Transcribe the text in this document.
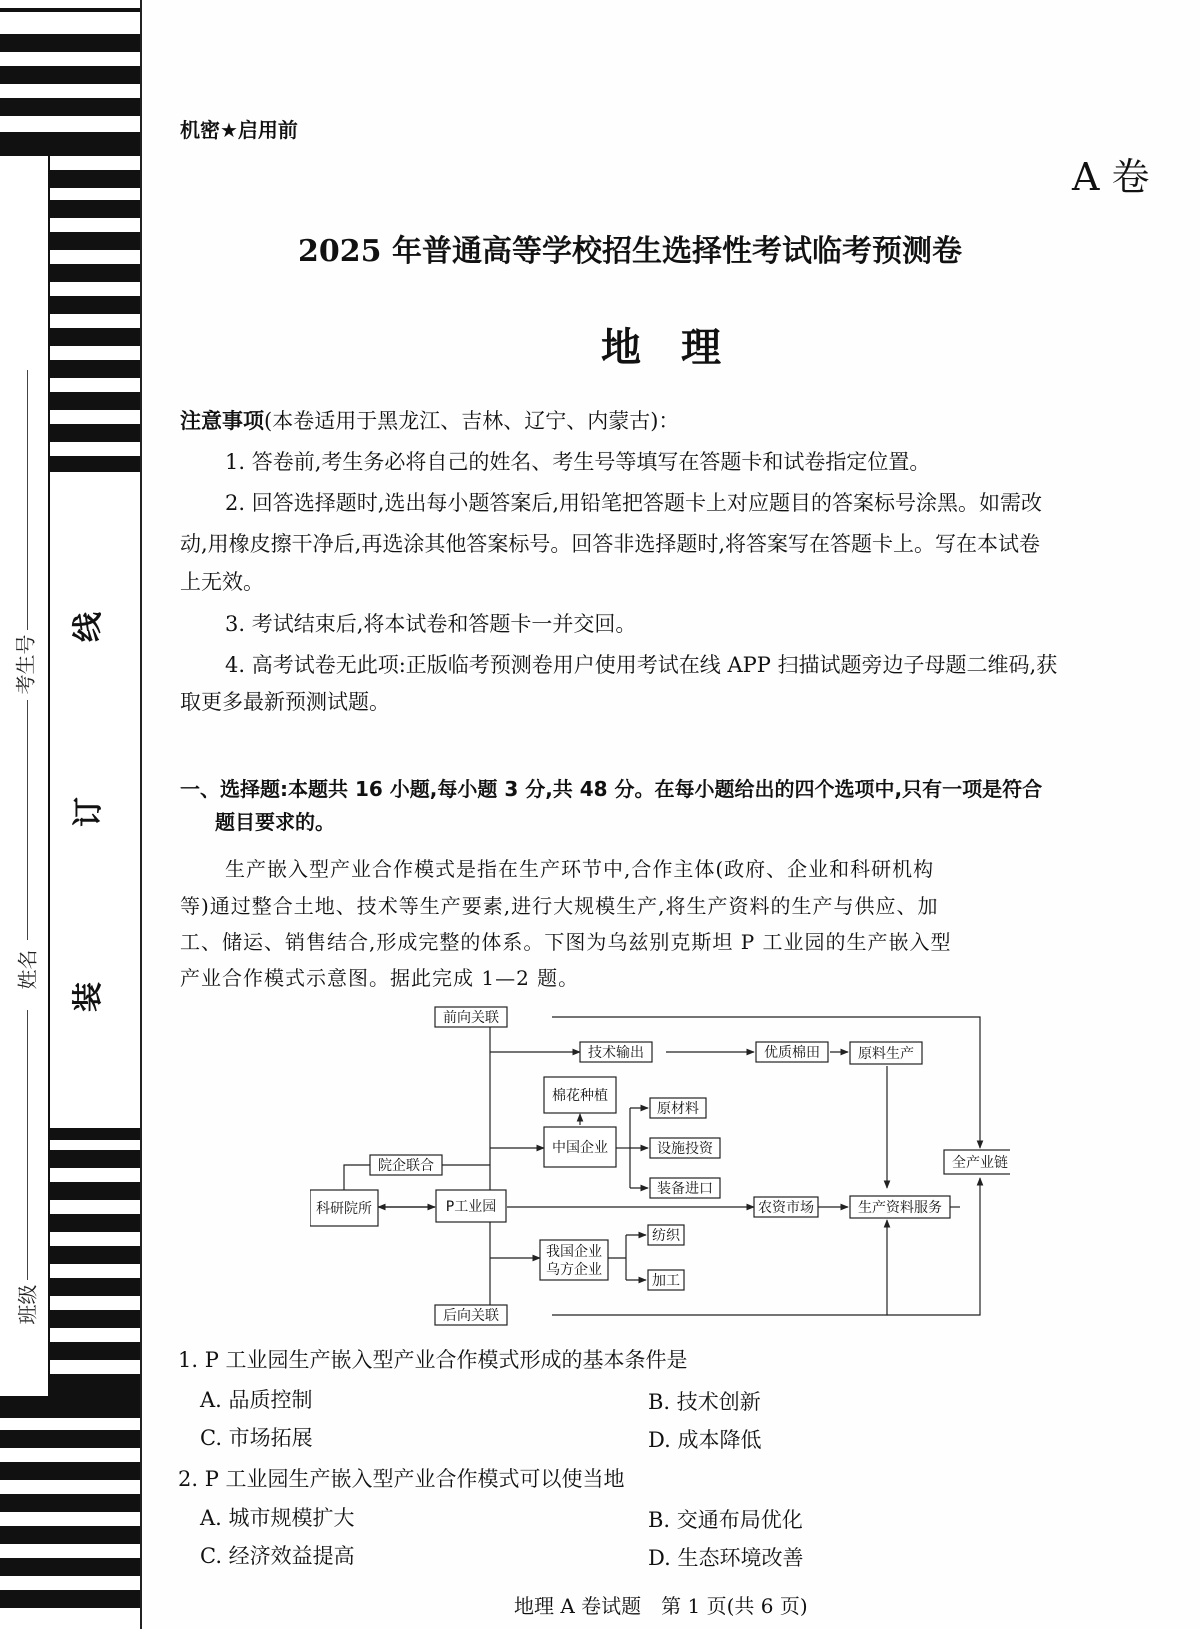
线
订
装
考生号
姓名
班级
机密★启用前
A 卷
2025 年普通高等学校招生选择性考试临考预测卷
地　理
注意事项(本卷适用于黑龙江、吉林、辽宁、内蒙古)：
1. 答卷前,考生务必将自己的姓名、考生号等填写在答题卡和试卷指定位置。
2. 回答选择题时,选出每小题答案后,用铅笔把答题卡上对应题目的答案标号涂黑。如需改
动,用橡皮擦干净后,再选涂其他答案标号。回答非选择题时,将答案写在答题卡上。写在本试卷
上无效。
3. 考试结束后,将本试卷和答题卡一并交回。
4. 高考试卷无此项:正版临考预测卷用户使用考试在线 APP 扫描试题旁边子母题二维码,获
取更多最新预测试题。
一、选择题:本题共 16 小题,每小题 3 分,共 48 分。在每小题给出的四个选项中,只有一项是符合
题目要求的。
生产嵌入型产业合作模式是指在生产环节中,合作主体(政府、企业和科研机构
等)通过整合土地、技术等生产要素,进行大规模生产,将生产资料的生产与供应、加
工、储运、销售结合,形成完整的体系。下图为乌兹别克斯坦 P 工业园的生产嵌入型
产业合作模式示意图。据此完成 1—2 题。
前向关联
技术输出	优质棉田	原料生产
棉花种植
原材料
中国企业	设施投资
装备进口
全产业链
院企联合
科研院所	P工业园	农资市场	生产资料服务
我国企业
乌方企业
纺织
加工
后向关联
1. P 工业园生产嵌入型产业合作模式形成的基本条件是
A. 品质控制	B. 技术创新
C. 市场拓展	D. 成本降低
2. P 工业园生产嵌入型产业合作模式可以使当地
A. 城市规模扩大	B. 交通布局优化
C. 经济效益提高	D. 生态环境改善
地理 A 卷试题　第 1 页(共 6 页)
